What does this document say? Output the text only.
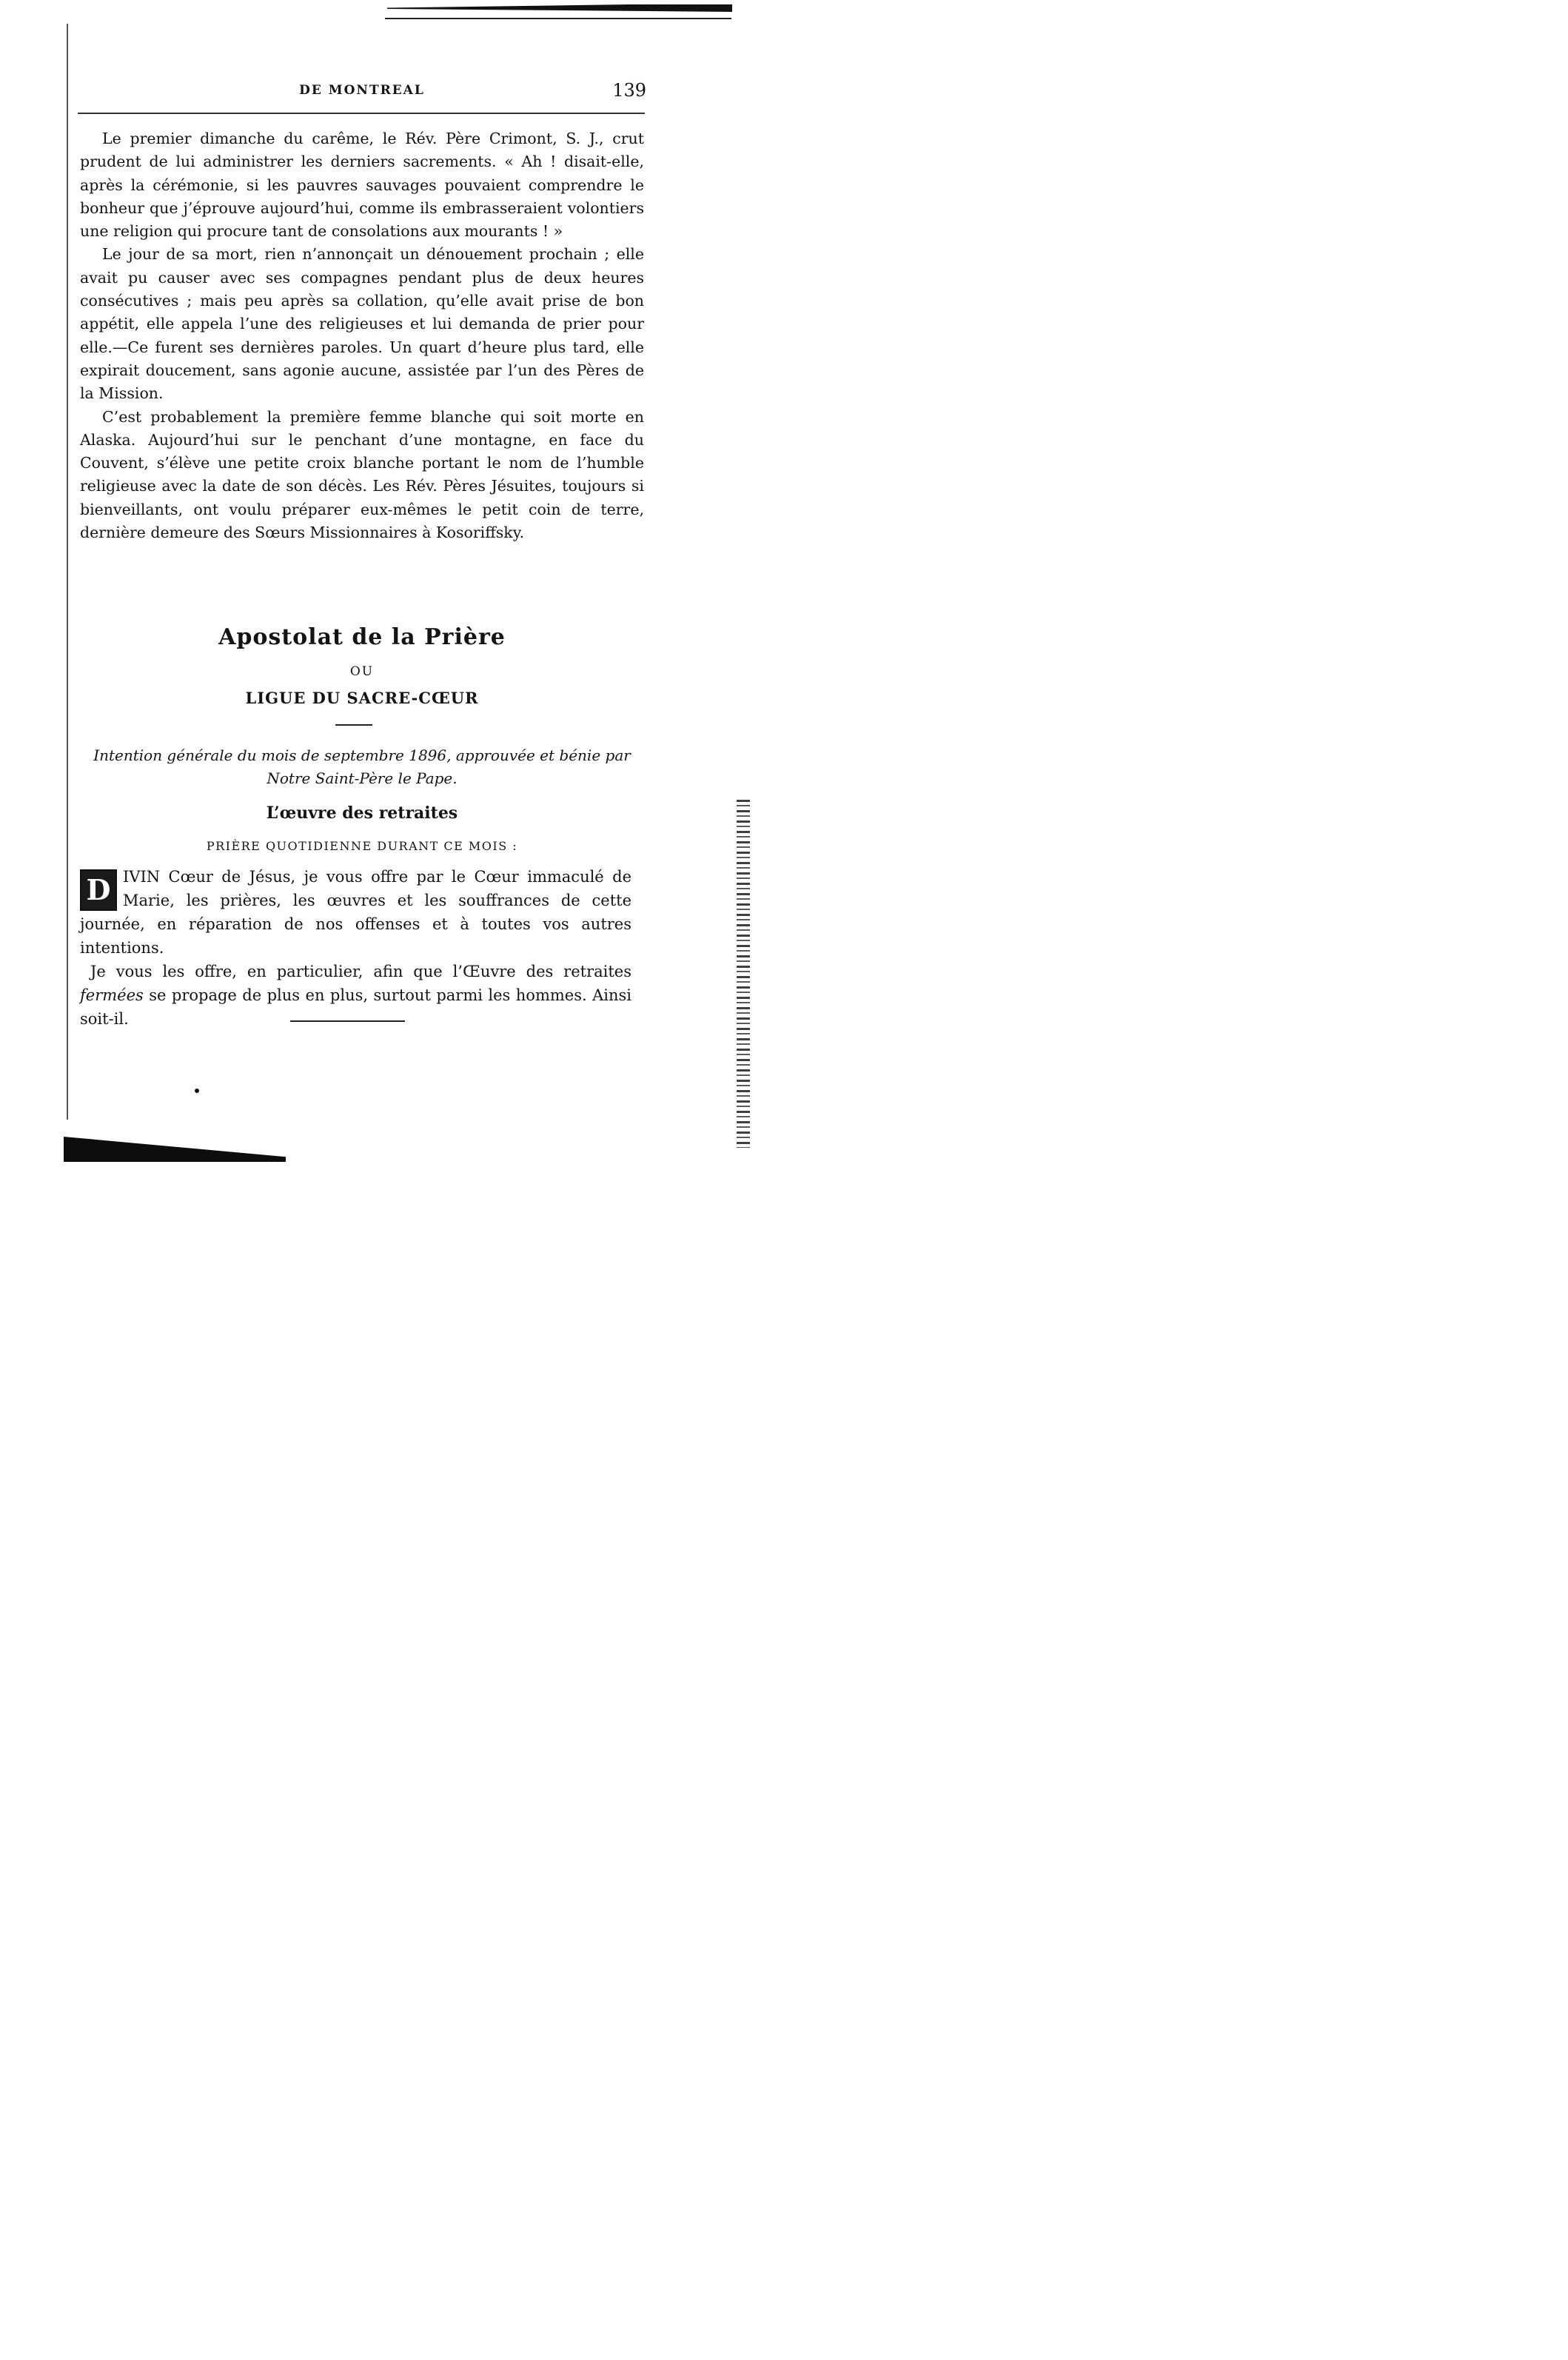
DE MONTREAL	139

Le premier dimanche du carême, le Rév. Père Crimont, S. J., crut prudent de lui administrer les derniers sacrements. « Ah ! disait-elle, après la cérémonie, si les pauvres sauvages pouvaient comprendre le bonheur que j’éprouve aujourd’hui, comme ils embrasseraient volontiers une religion qui procure tant de consolations aux mourants ! »

Le jour de sa mort, rien n’annonçait un dénouement prochain ; elle avait pu causer avec ses compagnes pendant plus de deux heures consécutives ; mais peu après sa collation, qu’elle avait prise de bon appétit, elle appela l’une des religieuses et lui demanda de prier pour elle.—Ce furent ses dernières paroles. Un quart d’heure plus tard, elle expirait doucement, sans agonie aucune, assistée par l’un des Pères de la Mission.

C’est probablement la première femme blanche qui soit morte en Alaska. Aujourd’hui sur le penchant d’une montagne, en face du Couvent, s’élève une petite croix blanche portant le nom de l’humble religieuse avec la date de son décès. Les Rév. Pères Jésuites, toujours si bienveillants, ont voulu préparer eux-mêmes le petit coin de terre, dernière demeure des Sœurs Missionnaires à Kosoriffsky.

Apostolat de la Prière
OU
LIGUE DU SACRE-CŒUR
Intention générale du mois de septembre 1896, approuvée et bénie par Notre Saint-Père le Pape.
L’œuvre des retraites
PRIÈRE QUOTIDIENNE DURANT CE MOIS :

D IVIN Cœur de Jésus, je vous offre par le Cœur immaculé de Marie, les prières, les œuvres et les souffrances de cette journée, en réparation de nos offenses et à toutes vos autres intentions.

Je vous les offre, en particulier, afin que l’Œuvre des retraites fermées se propage de plus en plus, surtout parmi les hommes. Ainsi soit-il.
